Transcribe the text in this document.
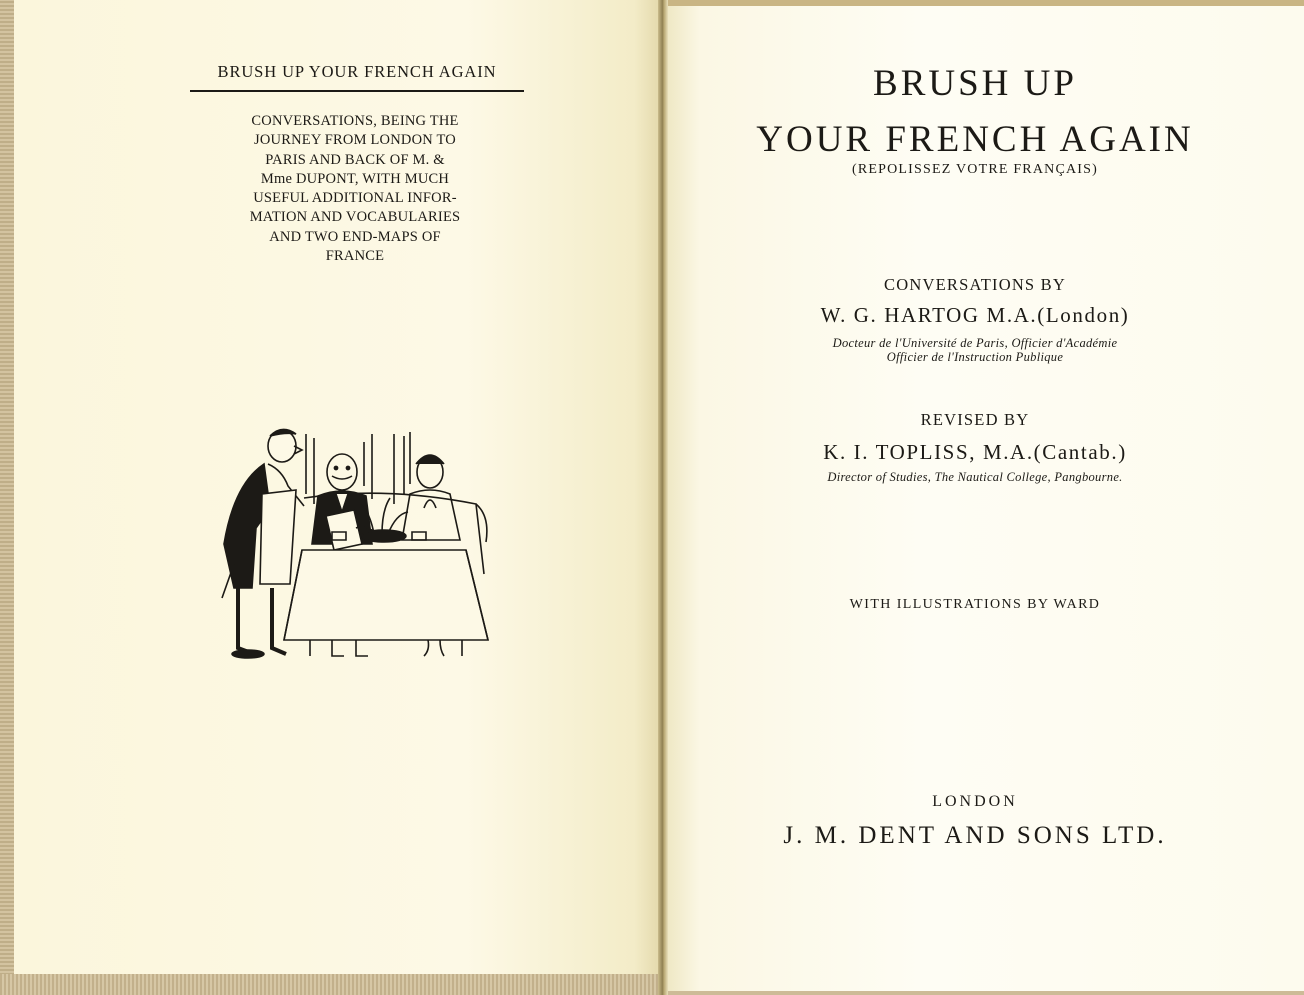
BRUSH UP YOUR FRENCH AGAIN
CONVERSATIONS, BEING THE
JOURNEY FROM LONDON TO
PARIS AND BACK OF M. &
Mme DUPONT, WITH MUCH
USEFUL ADDITIONAL INFOR-
MATION AND VOCABULARIES
AND TWO END-MAPS OF
FRANCE
BRUSH UP
YOUR FRENCH AGAIN
(REPOLISSEZ VOTRE FRANÇAIS)
CONVERSATIONS BY
W. G. HARTOG M.A.(London)
Docteur de l'Université de Paris, Officier d'Académie
Officier de l'Instruction Publique
REVISED BY
K. I. TOPLISS, M.A.(Cantab.)
Director of Studies, The Nautical College, Pangbourne.
WITH ILLUSTRATIONS BY WARD
LONDON
J. M. DENT AND SONS LTD.
